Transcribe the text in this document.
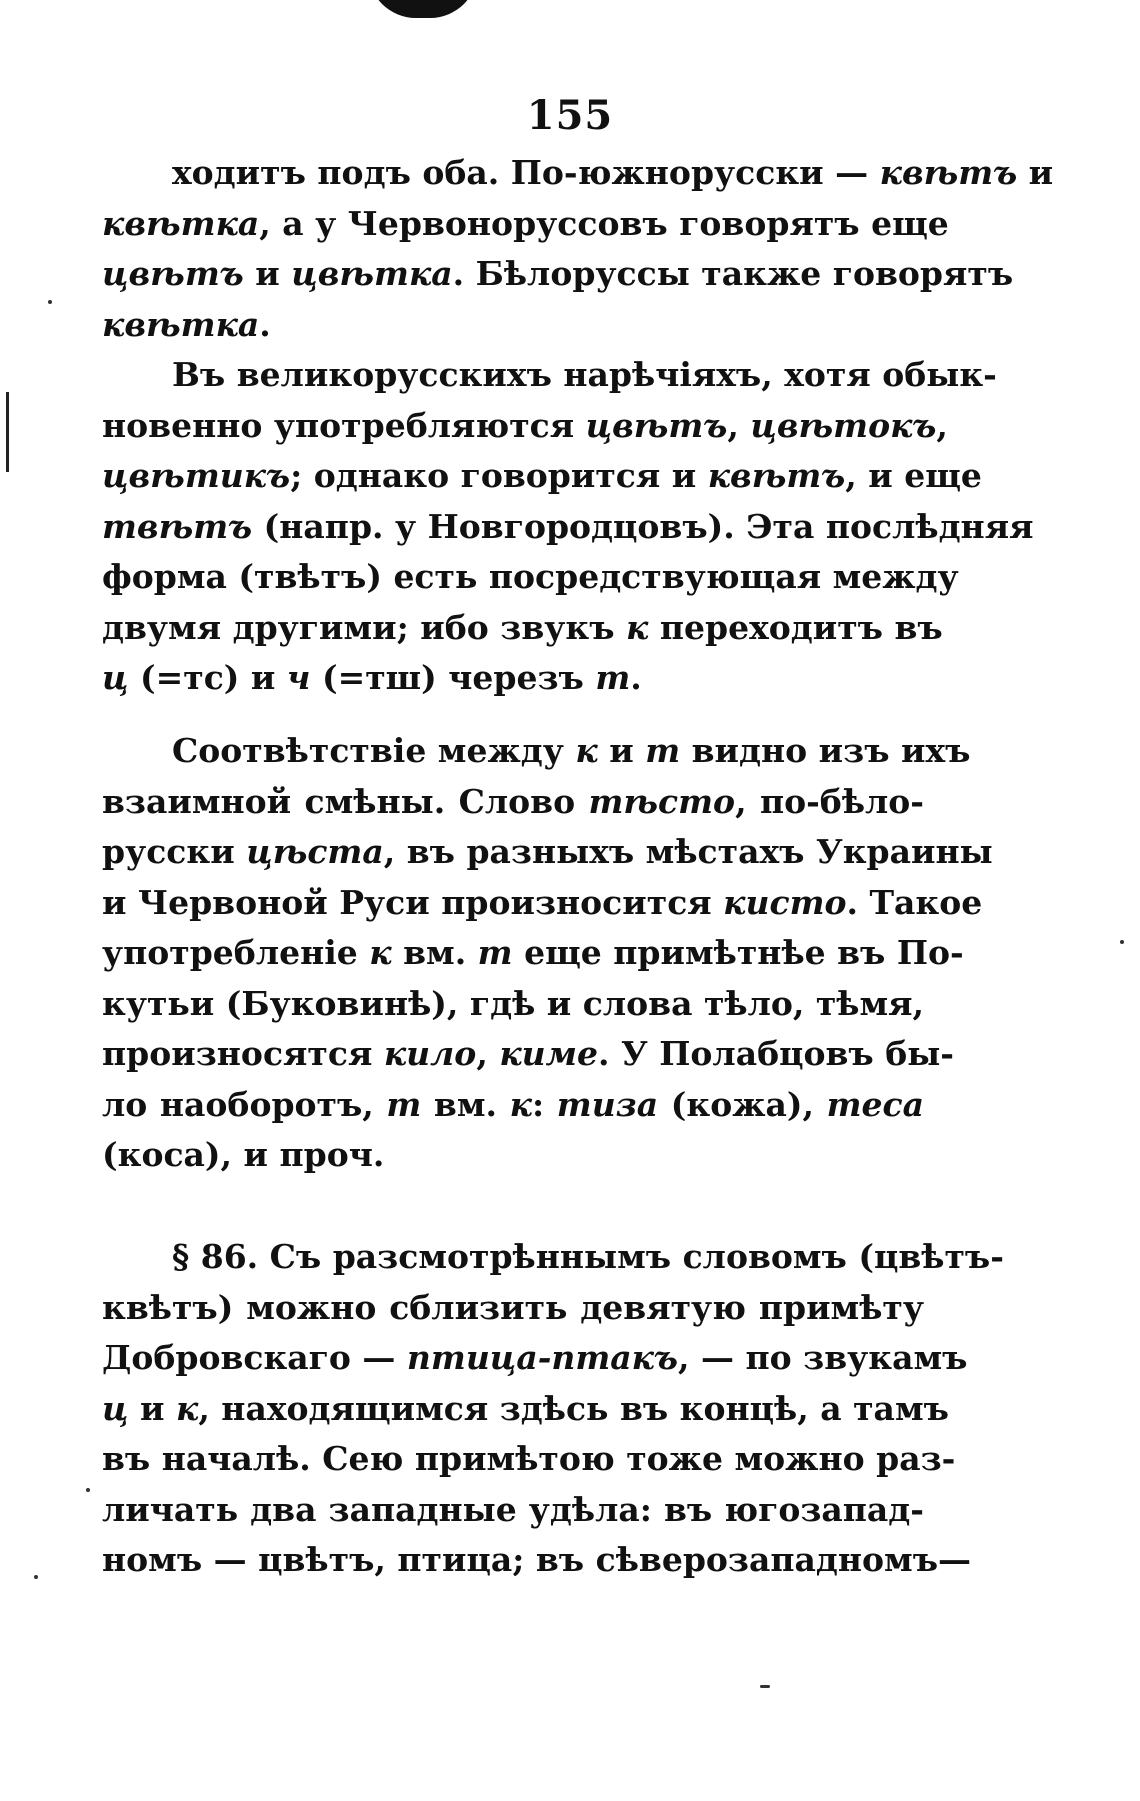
155
ходитъ подъ оба. По-южнорусcки — квѣтъ и
квѣтка, а у Червонорусcовъ говорятъ еще
цвѣтъ и цвѣтка. Бѣлорусcы также говорятъ
квѣтка.
Въ великорусcкихъ нарѣчіяхъ, хотя обык-
новенно употребляются цвѣтъ, цвѣтокъ,
цвѣтикъ; однако говорится и квѣтъ, и еще
твѣтъ (напр. у Новгородцовъ). Эта послѣдняя
форма (твѣтъ) есть посредствующая между
двумя другими; ибо звукъ к переходитъ въ
ц (=тс) и ч (=тш) черезъ т.
Соотвѣтствіе между к и т видно изъ ихъ
взаимной смѣны. Слово тѣсто, по-бѣло-
русcки цѣста, въ разныхъ мѣстахъ Украины
и Червоной Руси произносится кисто. Такое
употребленіе к вм. т еще примѣтнѣе въ По-
кутьи (Буковинѣ), гдѣ и слова тѣло, тѣмя,
произносятся кило, киме. У Полабцовъ бы-
ло наоборотъ, т вм. к: тиза (кожа), теса
(коса), и проч.
§ 86. Съ разсмотрѣннымъ словомъ (цвѣтъ-
квѣтъ) можно сблизить девятую примѣту
Добровскаго — птица-птакъ, — по звукамъ
ц и к, находящимся здѣсь въ концѣ, а тамъ
въ началѣ. Сею примѣтою тоже можно раз-
личать два западные удѣла: въ югозапад-
номъ — цвѣтъ, птица; въ сѣверозападномъ—
